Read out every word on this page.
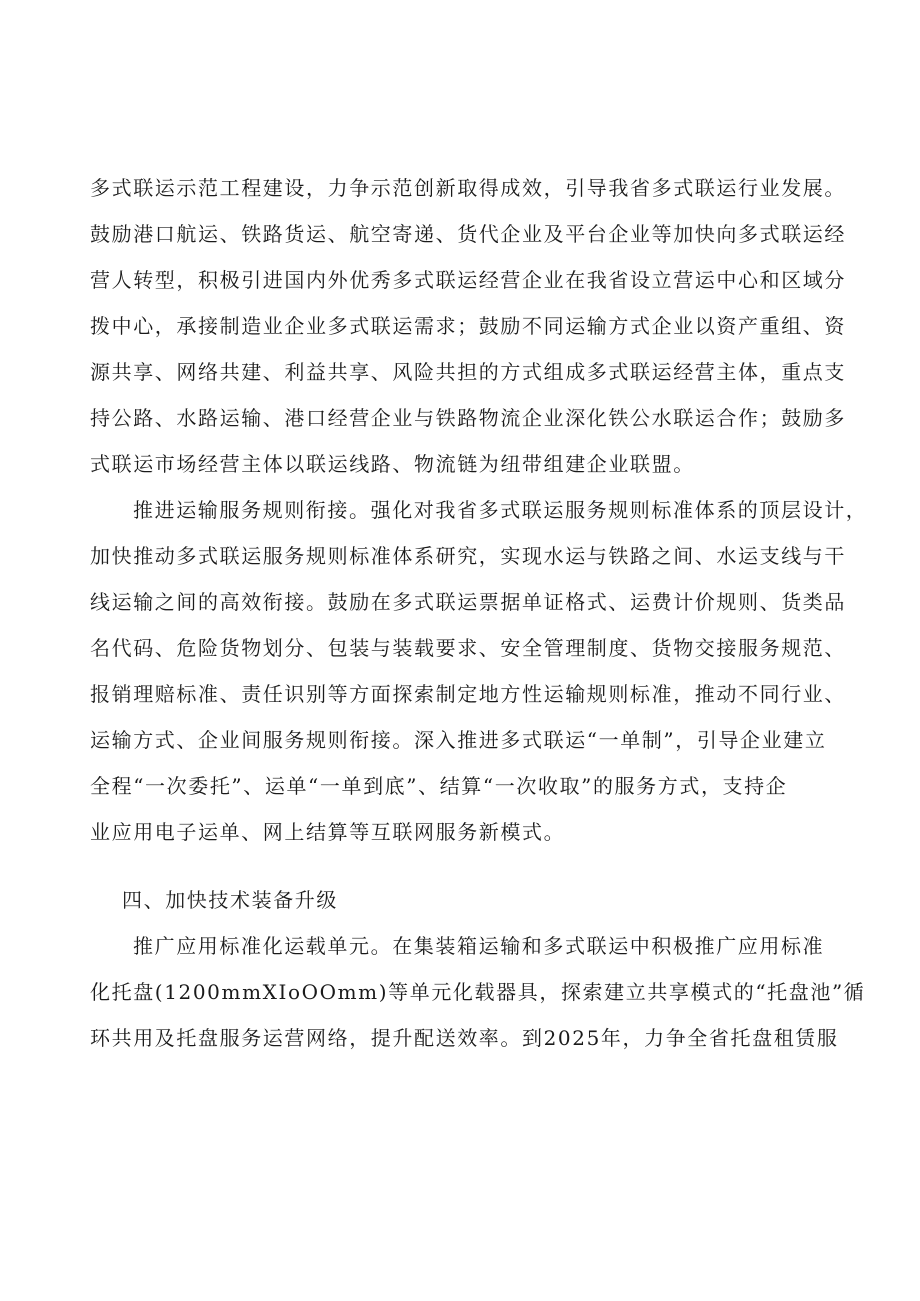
多式联运示范工程建设，力争示范创新取得成效，引导我省多式联运行业发展。
鼓励港口航运、铁路货运、航空寄递、货代企业及平台企业等加快向多式联运经
营人转型，积极引进国内外优秀多式联运经营企业在我省设立营运中心和区域分
拨中心，承接制造业企业多式联运需求；鼓励不同运输方式企业以资产重组、资
源共享、网络共建、利益共享、风险共担的方式组成多式联运经营主体，重点支
持公路、水路运输、港口经营企业与铁路物流企业深化铁公水联运合作；鼓励多
式联运市场经营主体以联运线路、物流链为纽带组建企业联盟。
推进运输服务规则衔接。强化对我省多式联运服务规则标准体系的顶层设计，
加快推动多式联运服务规则标准体系研究，实现水运与铁路之间、水运支线与干
线运输之间的高效衔接。鼓励在多式联运票据单证格式、运费计价规则、货类品
名代码、危险货物划分、包装与装载要求、安全管理制度、货物交接服务规范、
报销理赔标准、责任识别等方面探索制定地方性运输规则标准，推动不同行业、
运输方式、企业间服务规则衔接。深入推进多式联运“一单制”，引导企业建立
全程“一次委托”、运单“一单到底”、结算“一次收取”的服务方式，支持企
业应用电子运单、网上结算等互联网服务新模式。
四、加快技术装备升级
推广应用标准化运载单元。在集装箱运输和多式联运中积极推广应用标准
化托盘(1200mmXIoOOmm)等单元化载器具，探索建立共享模式的“托盘池”循
环共用及托盘服务运营网络，提升配送效率。到2025年，力争全省托盘租赁服
